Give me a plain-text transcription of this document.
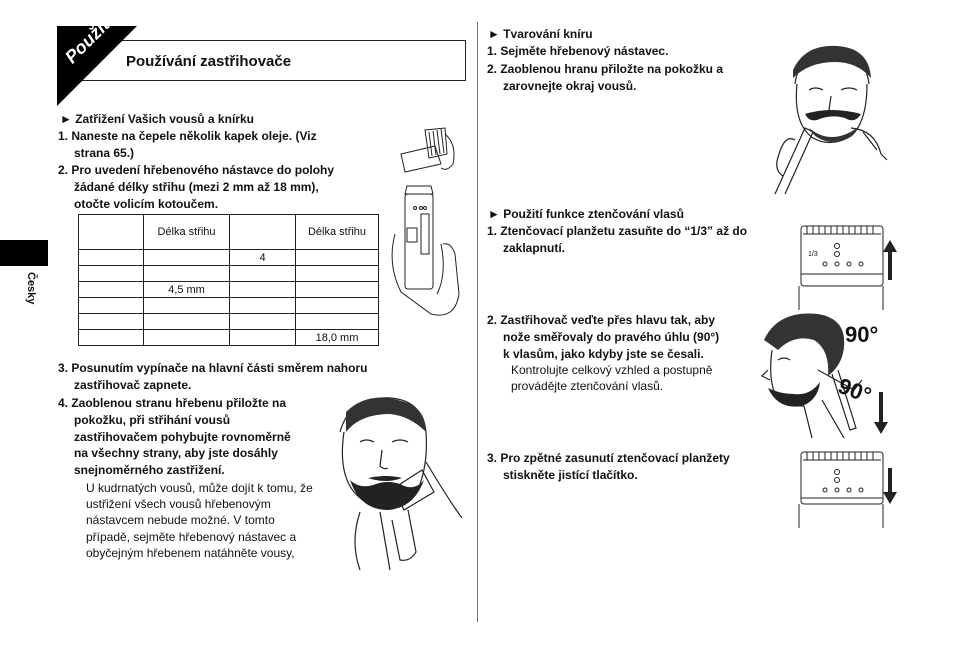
Česky
Použití Používání zastřihovače
► Zatřižení Vašich vousů a knírku
1. Naneste na čepele několik kapek oleje. (Viz
strana 65.)
2. Pro uvedení hřebenového nástavce do polohy
žádané délky střihu (mezi 2 mm až 18 mm),
otočte volicím kotoučem.
	Délka střihu		Délka střihu
		4	

	4,5 mm		

			18,0 mm
3. Posunutím vypínače na hlavní části směrem nahoru
zastřihovač zapnete.
4. Zaoblenou stranu hřebenu přiložte na
pokožku, při střihání vousů
zastřihovačem pohybujte rovnoměrně
na všechny strany, aby jste dosáhly
snejnoměrného zastřižení.
U kudrnatých vousů, může dojít k tomu, že
ustřižení všech vousů hřebenovým
nástavcem nebude možné. V tomto
případě, sejměte hřebenový nástavec a
obyčejným hřebenem natáhněte vousy,
► Tvarování kníru
1. Sejměte hřebenový nástavec.
2. Zaoblenou hranu přiložte na pokožku a
zarovnejte okraj vousů.
► Použití funkce ztenčování vlasů
1. Ztenčovací planžetu zasuňte do “1/3” až do
zaklapnutí.	1/3
2. Zastřihovač veďte přes hlavu tak, aby
nože směřovaly do pravého úhlu (90°)
k vlasům, jako kdyby jste se česali.
Kontrolujte celkový vzhled a postupně
provádějte ztenčování vlasů.
90°
90°
3. Pro zpětné zasunutí ztenčovací planžety
stiskněte jistící tlačítko.
